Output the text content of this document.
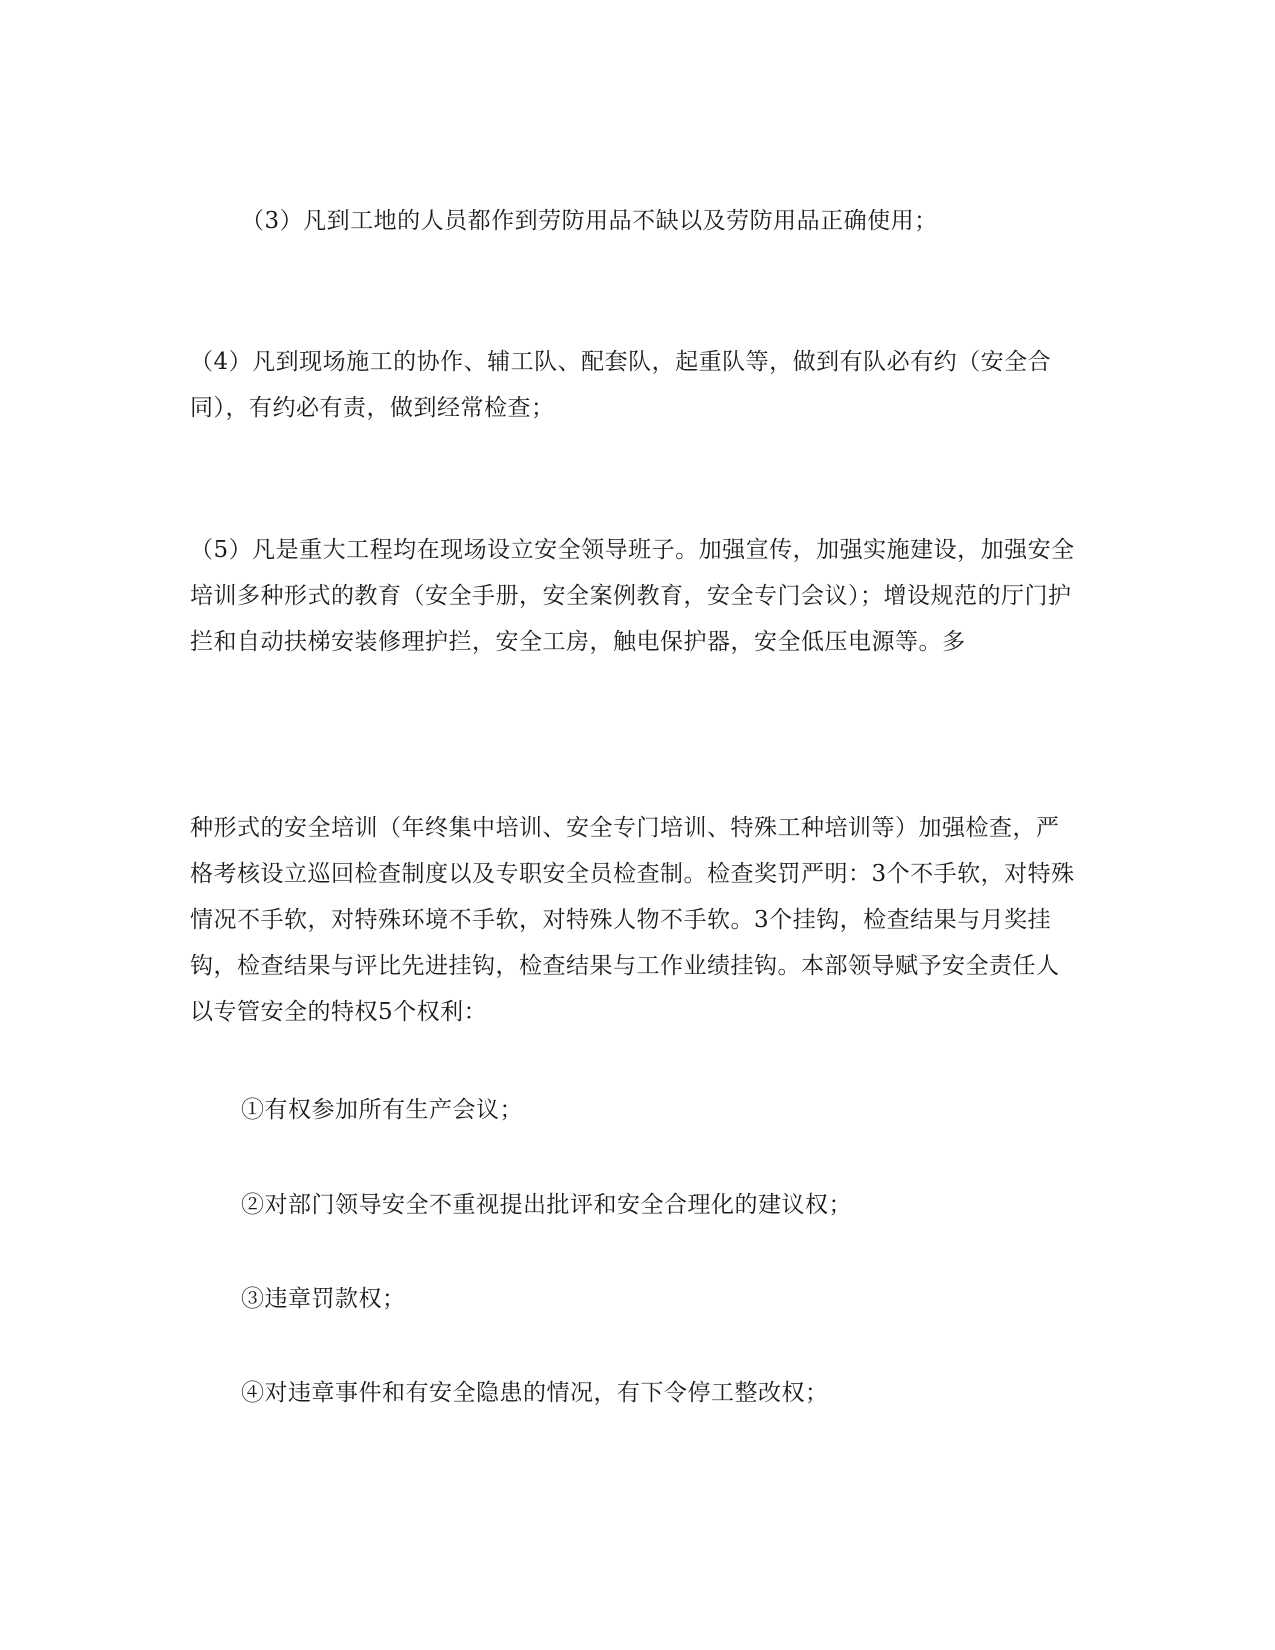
（3）凡到工地的人员都作到劳防用品不缺以及劳防用品正确使用；

（4）凡到现场施工的协作、辅工队、配套队，起重队等，做到有队必有约（安全合同），有约必有责，做到经常检查；

（5）凡是重大工程均在现场设立安全领导班子。加强宣传，加强实施建设，加强安全培训多种形式的教育（安全手册，安全案例教育，安全专门会议）；增设规范的厅门护拦和自动扶梯安装修理护拦，安全工房，触电保护器，安全低压电源等。多

种形式的安全培训（年终集中培训、安全专门培训、特殊工种培训等）加强检查，严格考核设立巡回检查制度以及专职安全员检查制。检查奖罚严明：3个不手软，对特殊情况不手软，对特殊环境不手软，对特殊人物不手软。3个挂钩，检查结果与月奖挂钩，检查结果与评比先进挂钩，检查结果与工作业绩挂钩。本部领导赋予安全责任人以专管安全的特权5个权利：

①有权参加所有生产会议；

②对部门领导安全不重视提出批评和安全合理化的建议权；

③违章罚款权；

④对违章事件和有安全隐患的情况，有下令停工整改权；
